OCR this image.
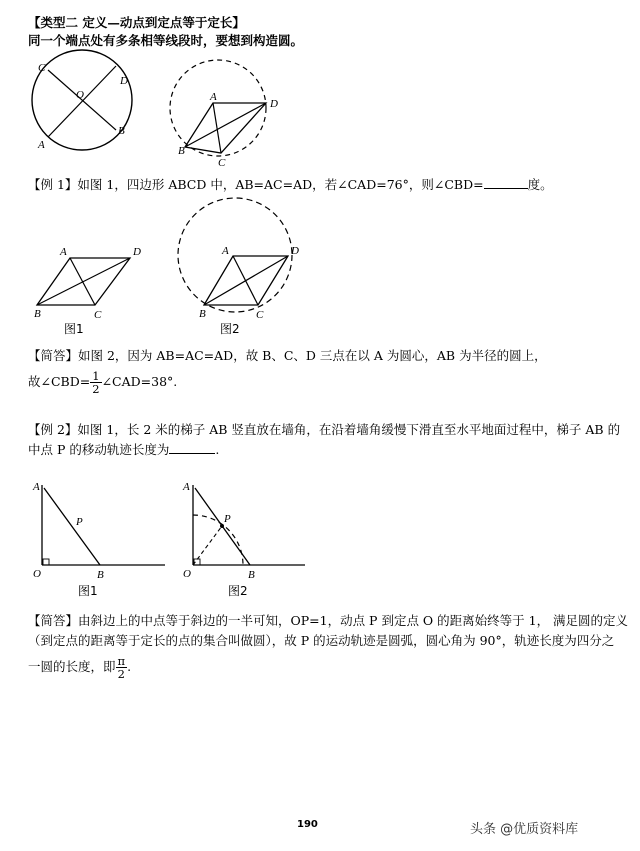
【类型二 定义—动点到定点等于定长】
同一个端点处有多条相等线段时，要想到构造圆。
C
D
O
A
B
A
D
B
C
【例 1】如图 1，四边形 ABCD 中，AB=AC=AD，若∠CAD=76°，则∠CBD=	度。
A	D
B	C
图1
A	D
B	C
图2
【简答】如图 2，因为 AB=AC=AD，故 B、C、D 三点在以 A 为圆心，AB 为半径的圆上，
故∠CBD= $\frac{1}{2}$ ∠CAD=38°.
【例 2】如图 1，长 2 米的梯子 AB 竖直放在墙角，在沿着墙角缓慢下滑直至水平地面过程中，梯子 AB 的
中点 P 的移动轨迹长度为	.
A
P
O	B
图1
A
P
O	B
图2
【简答】由斜边上的中点等于斜边的一半可知，OP=1，动点 P 到定点 O 的距离始终等于 1， 满足圆的定义
（到定点的距离等于定长的点的集合叫做圆），故 P 的运动轨迹是圆弧，圆心角为 90°，轨迹长度为四分之
一圆的长度，即 $\frac{\pi}{2}$ .
190	头条 @优质资料库
